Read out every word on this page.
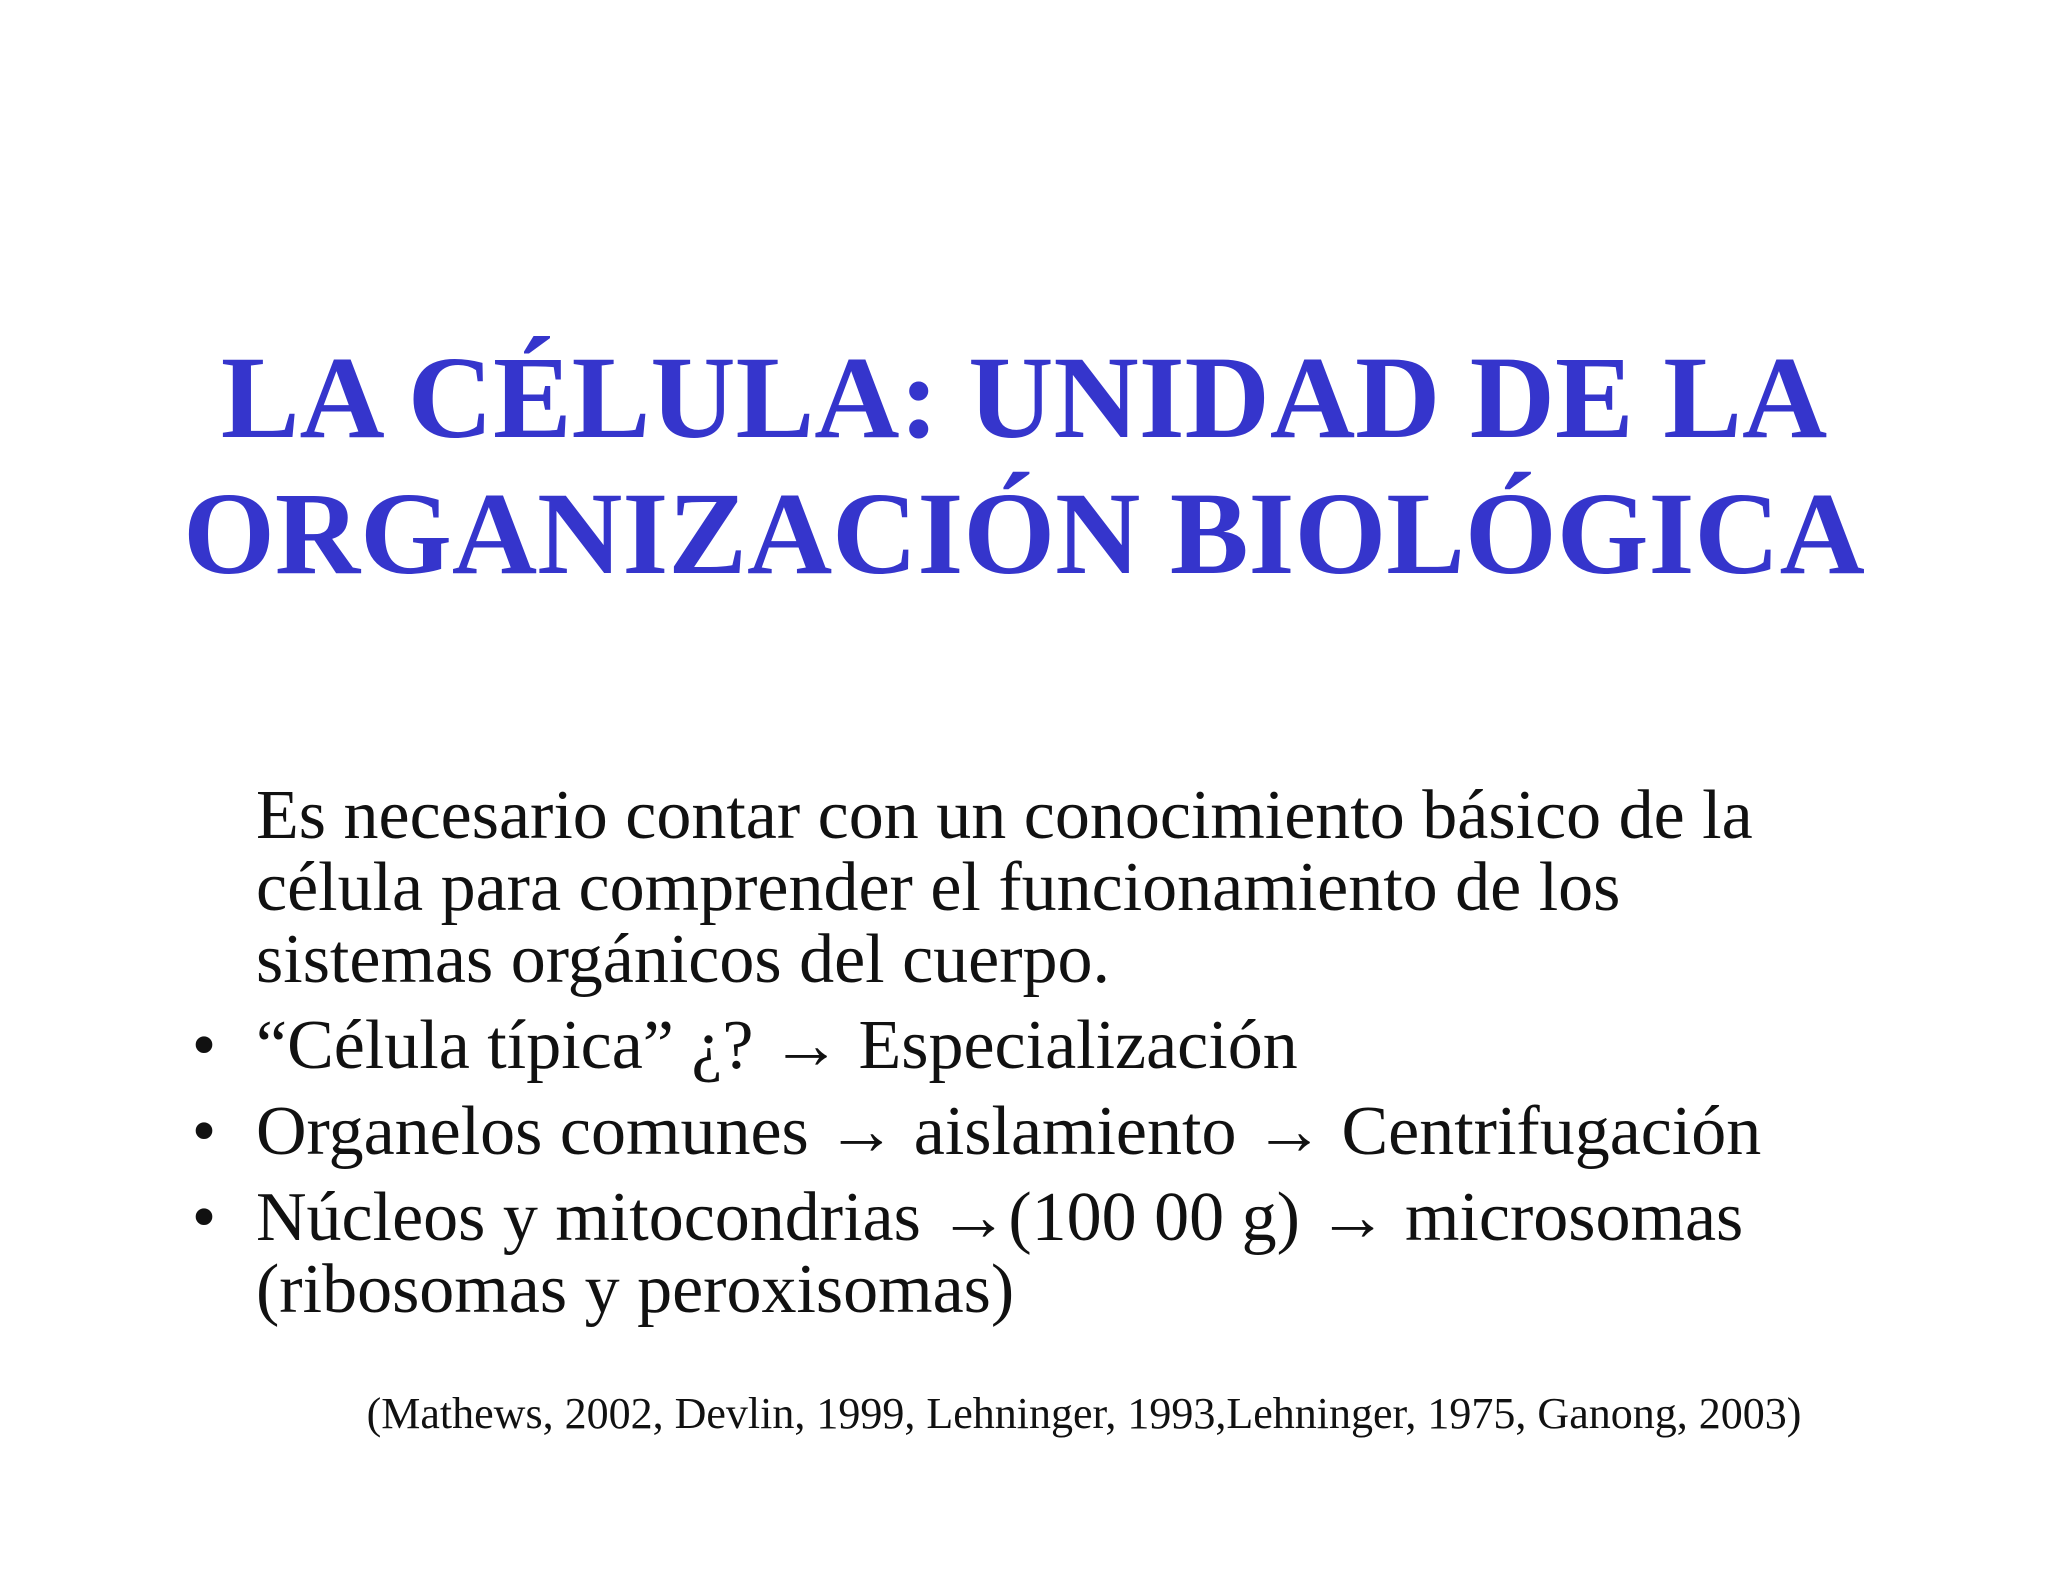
LA CÉLULA: UNIDAD DE LA
ORGANIZACIÓN BIOLÓGICA
Es necesario contar con un conocimiento básico de la
célula para comprender el funcionamiento de los
sistemas orgánicos del cuerpo.
• “Célula típica” ¿? → Especialización
• Organelos comunes → aislamiento → Centrifugación
• Núcleos y mitocondrias →(100 00 g) → microsomas
(ribosomas y peroxisomas)
(Mathews, 2002, Devlin, 1999, Lehninger, 1993,Lehninger, 1975, Ganong, 2003)
